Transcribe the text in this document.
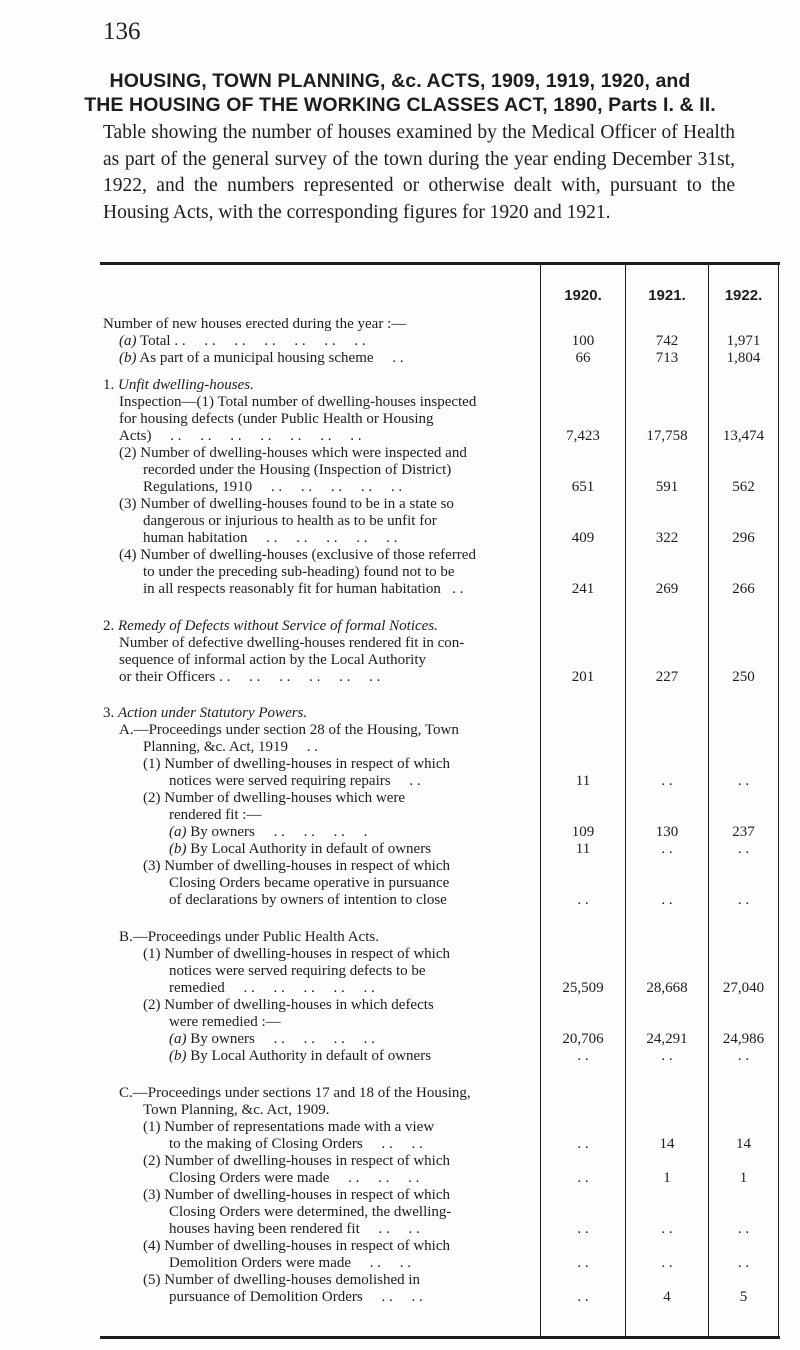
136
HOUSING, TOWN PLANNING, &c. ACTS, 1909, 1919, 1920, and
THE HOUSING OF THE WORKING CLASSES ACT, 1890, Parts I. & II.

Table showing the number of houses examined by the Medical Officer of Health as part of the general survey of the town during the year ending December 31st, 1922, and the numbers represented or otherwise dealt with, pursuant to the Housing Acts, with the corresponding figures for 1920 and 1921.

1920.	1921.	1922.
Number of new houses erected during the year :—
(a) Total . .     . .     . .     . .     . .     . .     . .	100	742	1,971
(b) As part of a municipal housing scheme     . .	66	713	1,804
1. Unfit dwelling-houses.
Inspection—(1) Total number of dwelling-houses inspected
for housing defects (under Public Health or Housing
Acts)     . .     . .     . .     . .     . .     . .     . .	7,423	17,758	13,474
(2) Number of dwelling-houses which were inspected and
recorded under the Housing (Inspection of District)
Regulations, 1910     . .     . .     . .     . .     . .	651	591	562
(3) Number of dwelling-houses found to be in a state so
dangerous or injurious to health as to be unfit for
human habitation     . .     . .     . .     . .     . .	409	322	296
(4) Number of dwelling-houses (exclusive of those referred
to under the preceding sub-heading) found not to be
in all respects reasonably fit for human habitation   . .	241	269	266
2. Remedy of Defects without Service of formal Notices.
Number of defective dwelling-houses rendered fit in con-
sequence of informal action by the Local Authority
or their Officers . .     . .     . .     . .     . .     . .	201	227	250
3. Action under Statutory Powers.
A.—Proceedings under section 28 of the Housing, Town
Planning, &c. Act, 1919     . .
(1) Number of dwelling-houses in respect of which
notices were served requiring repairs     . .	11	. .	. .
(2) Number of dwelling-houses which were
rendered fit :—
(a) By owners     . .     . .     . .     .	109	130	237
(b) By Local Authority in default of owners	11	. .	. .
(3) Number of dwelling-houses in respect of which
Closing Orders became operative in pursuance
of declarations by owners of intention to close	. .	. .	. .
B.—Proceedings under Public Health Acts.
(1) Number of dwelling-houses in respect of which
notices were served requiring defects to be
remedied     . .     . .     . .     . .     . .	25,509	28,668	27,040
(2) Number of dwelling-houses in which defects
were remedied :—
(a) By owners     . .     . .     . .     . .	20,706	24,291	24,986
(b) By Local Authority in default of owners	. .	. .	. .
C.—Proceedings under sections 17 and 18 of the Housing,
Town Planning, &c. Act, 1909.
(1) Number of representations made with a view
to the making of Closing Orders     . .     . .	. .	14	14
(2) Number of dwelling-houses in respect of which
Closing Orders were made     . .     . .     . .	. .	1	1
(3) Number of dwelling-houses in respect of which
Closing Orders were determined, the dwelling-
houses having been rendered fit     . .     . .	. .	. .	. .
(4) Number of dwelling-houses in respect of which
Demolition Orders were made     . .     . .	. .	. .	. .
(5) Number of dwelling-houses demolished in
pursuance of Demolition Orders     . .     . .	. .	4	5
